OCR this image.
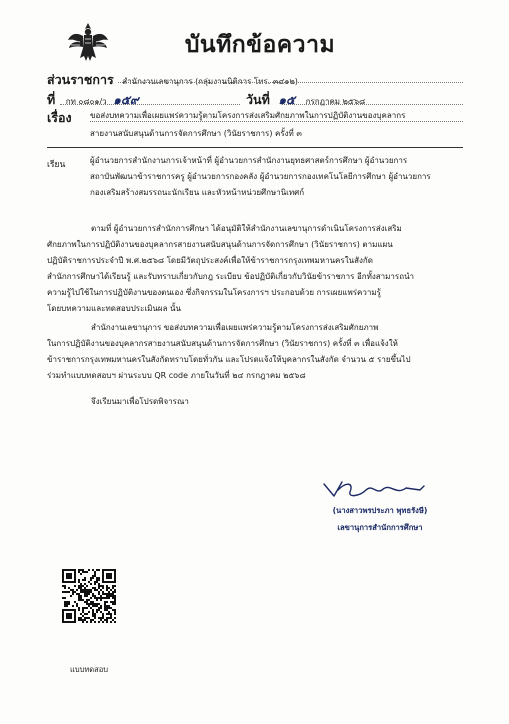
บันทึกข้อความ
ส่วนราชการ สำนักงานเลขานุการ (กลุ่มงานนิติการ โทร. ๓๔๑๒)
ที่ กท ๐๘๐๑/ว ๑๕๙	วันที่ ๑๕ กรกฎาคม ๒๕๖๘
เรื่อง ขอส่งบทความเพื่อเผยแพร่ความรู้ตามโครงการส่งเสริมศักยภาพในการปฏิบัติงานของบุคลากร
สายงานสนับสนุนด้านการจัดการศึกษา (วินัยราชการ) ครั้งที่ ๓
เรียน	ผู้อำนวยการสำนักงานการเจ้าหน้าที่ ผู้อำนวยการสำนักงานยุทธศาสตร์การศึกษา ผู้อำนวยการ
สถาบันพัฒนาข้าราชการครู ผู้อำนวยการกองคลัง ผู้อำนวยการกองเทคโนโลยีการศึกษา ผู้อำนวยการ
กองเสริมสร้างสมรรถนะนักเรียน และหัวหน้าหน่วยศึกษานิเทศก์
ตามที่ ผู้อำนวยการสำนักการศึกษา ได้อนุมัติให้สำนักงานเลขานุการดำเนินโครงการส่งเสริม
ศักยภาพในการปฏิบัติงานของบุคลากรสายงานสนับสนุนด้านการจัดการศึกษา (วินัยราชการ) ตามแผน
ปฏิบัติราชการประจำปี พ.ศ.๒๕๖๘ โดยมีวัตถุประสงค์เพื่อให้ข้าราชการกรุงเทพมหานครในสังกัด
สำนักการศึกษาได้เรียนรู้ และรับทราบเกี่ยวกับกฎ ระเบียบ ข้อปฏิบัติเกี่ยวกับวินัยข้าราชการ อีกทั้งสามารถนำ
ความรู้ไปใช้ในการปฏิบัติงานของตนเอง ซึ่งกิจกรรมในโครงการฯ ประกอบด้วย การเผยแพร่ความรู้
โดยบทความและทดสอบประเมินผล นั้น
สำนักงานเลขานุการ ขอส่งบทความเพื่อเผยแพร่ความรู้ตามโครงการส่งเสริมศักยภาพ
ในการปฏิบัติงานของบุคลากรสายงานสนับสนุนด้านการจัดการศึกษา (วินัยราชการ) ครั้งที่ ๓ เพื่อแจ้งให้
ข้าราชการกรุงเทพมหานครในสังกัดทราบโดยทั่วกัน และโปรดแจ้งให้บุคลากรในสังกัด จำนวน ๕ รายขึ้นไป
ร่วมทำแบบทดสอบฯ ผ่านระบบ QR code ภายในวันที่ ๒๔ กรกฎาคม ๒๕๖๘
จึงเรียนมาเพื่อโปรดพิจารณา
(นางสาวพรประภา พุทธรังษี)
เลขานุการสำนักการศึกษา
แบบทดสอบ
